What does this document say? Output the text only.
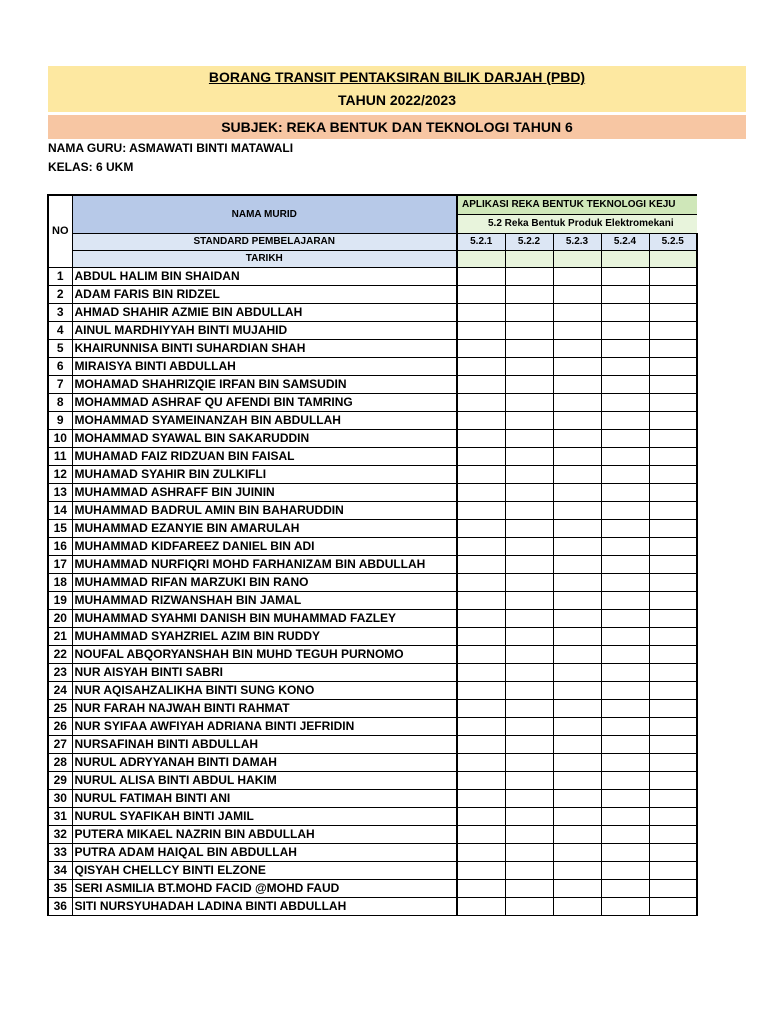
BORANG TRANSIT PENTAKSIRAN BILIK DARJAH (PBD)
TAHUN 2022/2023
SUBJEK: REKA BENTUK DAN TEKNOLOGI TAHUN 6
NAMA GURU: ASMAWATI BINTI MATAWALI
KELAS: 6 UKM
NO	NAMA MURID	APLIKASI REKA BENTUK TEKNOLOGI KEJU				
		5.2 Reka Bentuk Produk Elektromekani				
	STANDARD PEMBELAJARAN	5.2.1	5.2.2	5.2.3	5.2.4	5.2.5
	TARIKH					
1	ABDUL HALIM BIN SHAIDAN					
2	ADAM FARIS BIN RIDZEL					
3	AHMAD SHAHIR AZMIE BIN ABDULLAH					
4	AINUL MARDHIYYAH BINTI MUJAHID					
5	KHAIRUNNISA BINTI SUHARDIAN SHAH					
6	MIRAISYA BINTI ABDULLAH					
7	MOHAMAD SHAHRIZQIE IRFAN BIN SAMSUDIN					
8	MOHAMMAD ASHRAF QU AFENDI BIN TAMRING					
9	MOHAMMAD SYAMEINANZAH BIN ABDULLAH					
10	MOHAMMAD SYAWAL BIN SAKARUDDIN					
11	MUHAMAD FAIZ RIDZUAN BIN FAISAL					
12	MUHAMAD SYAHIR BIN ZULKIFLI					
13	MUHAMMAD ASHRAFF BIN JUININ					
14	MUHAMMAD BADRUL AMIN BIN BAHARUDDIN					
15	MUHAMMAD EZANYIE BIN AMARULAH					
16	MUHAMMAD KIDFAREEZ DANIEL BIN ADI					
17	MUHAMMAD NURFIQRI MOHD FARHANIZAM BIN ABDULLAH					
18	MUHAMMAD RIFAN MARZUKI BIN RANO					
19	MUHAMMAD RIZWANSHAH BIN JAMAL					
20	MUHAMMAD SYAHMI DANISH BIN MUHAMMAD FAZLEY					
21	MUHAMMAD SYAHZRIEL AZIM BIN RUDDY					
22	NOUFAL ABQORYANSHAH BIN MUHD TEGUH PURNOMO					
23	NUR AISYAH BINTI SABRI					
24	NUR AQISAHZALIKHA BINTI SUNG KONO					
25	NUR FARAH NAJWAH BINTI RAHMAT					
26	NUR SYIFAA AWFIYAH ADRIANA BINTI JEFRIDIN					
27	NURSAFINAH BINTI ABDULLAH					
28	NURUL ADRYYANAH BINTI DAMAH					
29	NURUL ALISA BINTI ABDUL HAKIM					
30	NURUL FATIMAH BINTI ANI					
31	NURUL SYAFIKAH BINTI JAMIL					
32	PUTERA MIKAEL NAZRIN BIN ABDULLAH					
33	PUTRA ADAM HAIQAL BIN ABDULLAH					
34	QISYAH CHELLCY BINTI ELZONE					
35	SERI ASMILIA BT.MOHD FACID @MOHD FAUD					
36	SITI NURSYUHADAH LADINA BINTI ABDULLAH					
